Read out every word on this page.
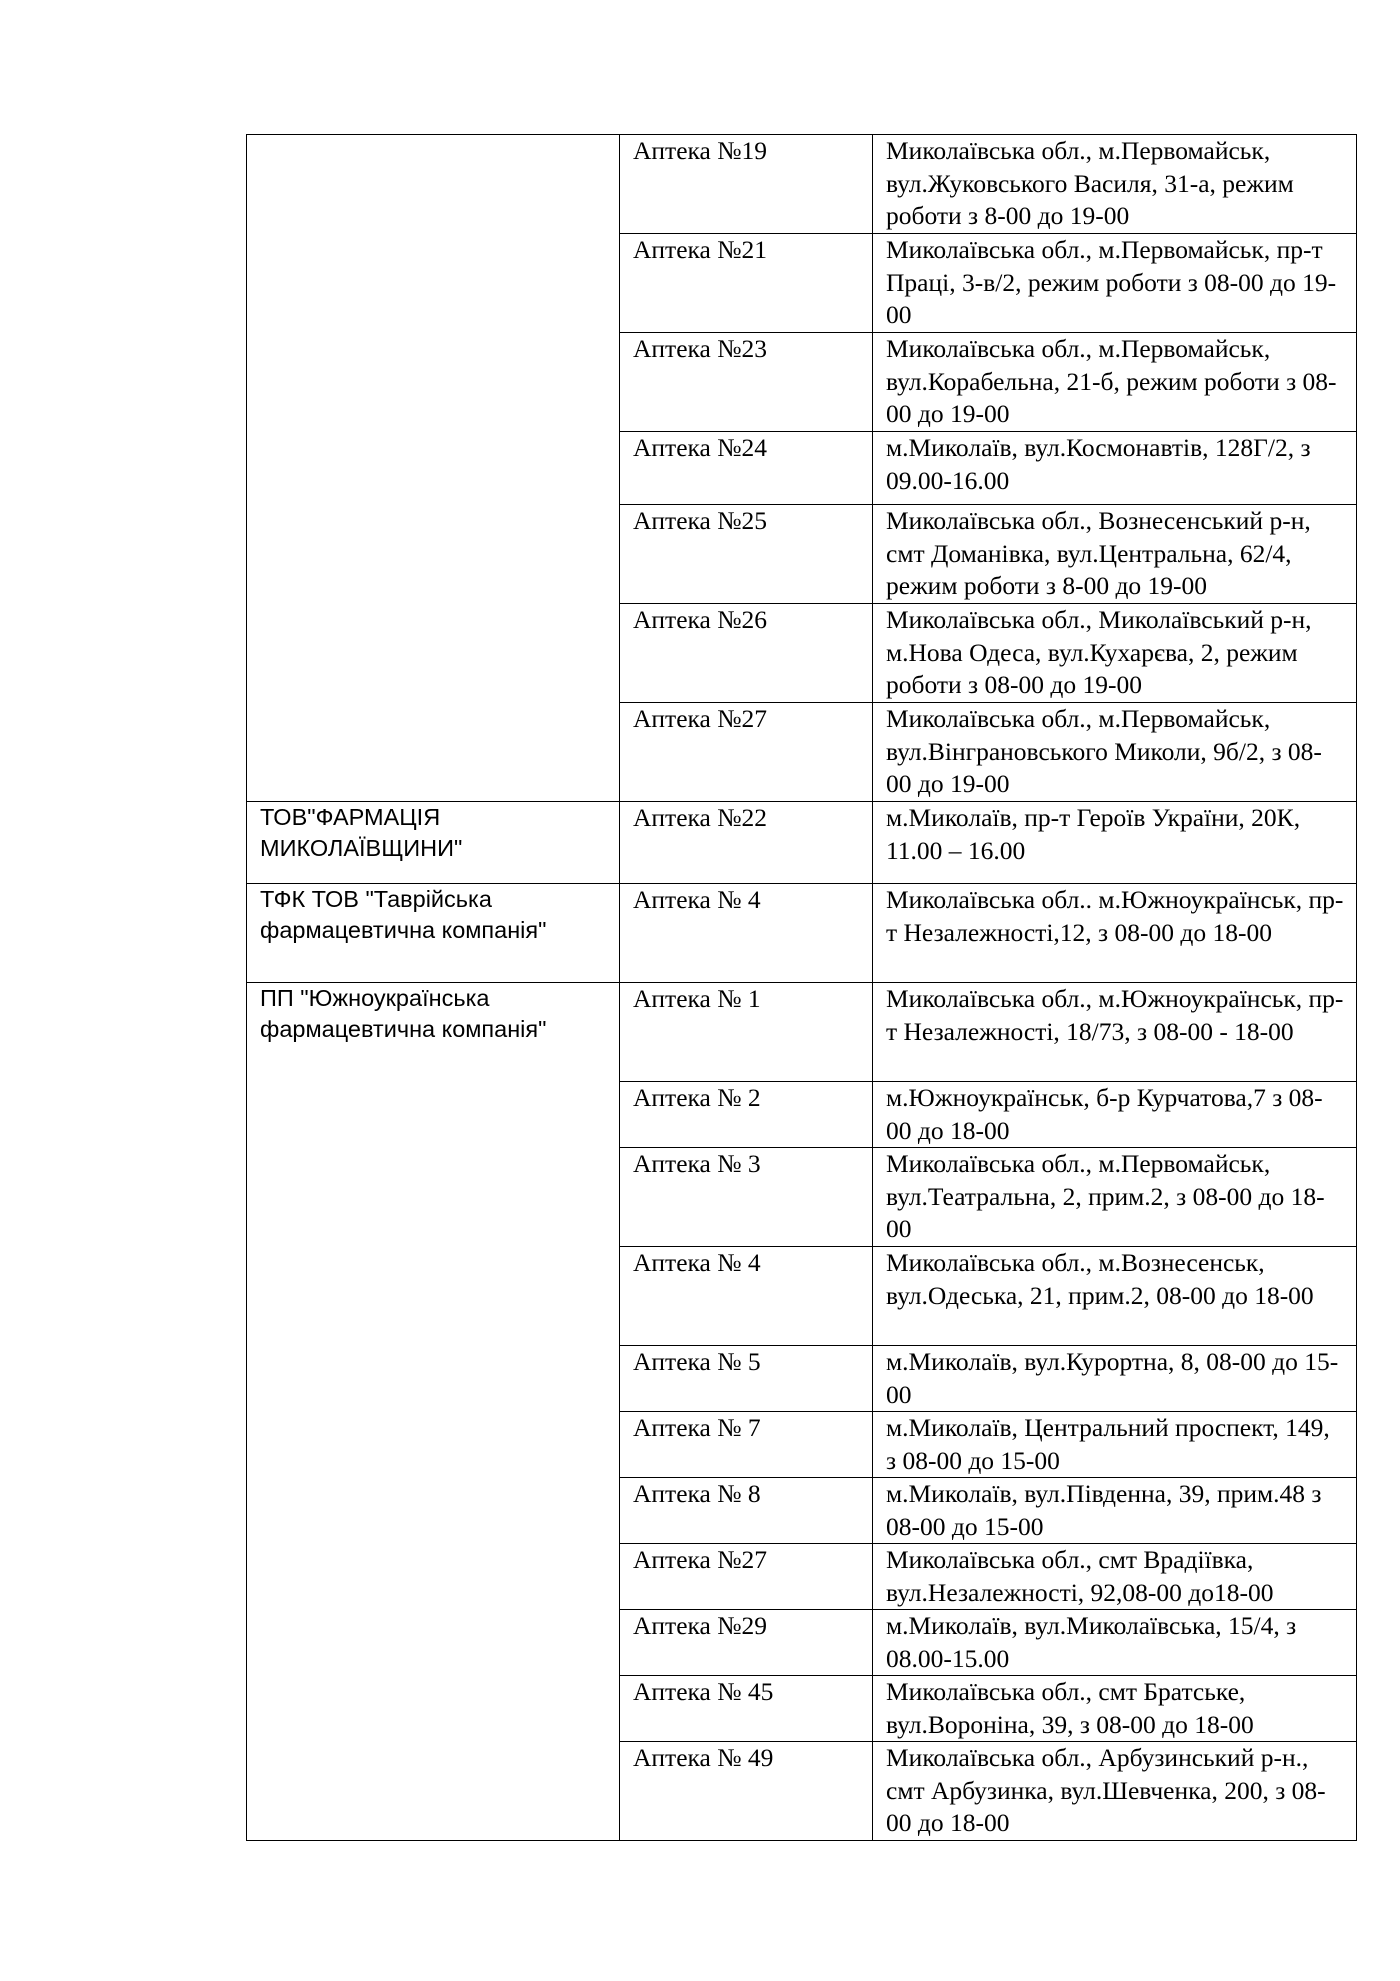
	Аптека №19	Миколаївська обл., м.Первомайськ, вул.Жуковського Василя, 31-а, режим роботи з 8-00 до 19-00
	Аптека №21	Миколаївська обл., м.Первомайськ, пр-т Праці, 3-в/2, режим роботи з 08-00 до 19-00
	Аптека №23	Миколаївська обл., м.Первомайськ, вул.Корабельна, 21-б, режим роботи з 08-00 до 19-00
	Аптека №24	м.Миколаїв, вул.Космонавтів, 128Г/2, з 09.00-16.00
	Аптека №25	Миколаївська обл., Вознесенський р-н, смт Доманівка, вул.Центральна, 62/4, режим роботи з 8-00 до 19-00
	Аптека №26	Миколаївська обл., Миколаївський р-н, м.Нова Одеса, вул.Кухарєва, 2, режим роботи з 08-00 до 19-00
	Аптека №27	Миколаївська обл., м.Первомайськ, вул.Вінграновського Миколи, 9б/2, з 08-00 до 19-00
ТОВ"ФАРМАЦІЯ МИКОЛАЇВЩИНИ"	Аптека №22	м.Миколаїв, пр-т Героїв України, 20К, 11.00 – 16.00
ТФК ТОВ "Таврійська фармацевтична компанія"	Аптека № 4	Миколаївська обл.. м.Южноукраїнськ, пр-т Незалежності,12, з 08-00 до 18-00
ПП "Южноукраїнська фармацевтична компанія"	Аптека № 1	Миколаївська обл., м.Южноукраїнськ, пр-т Незалежності, 18/73, з 08-00 - 18-00
	Аптека № 2	м.Южноукраїнськ, б-р Курчатова,7 з 08-00 до 18-00
	Аптека № 3	Миколаївська обл., м.Первомайськ, вул.Театральна, 2, прим.2, з 08-00 до 18-00
	Аптека № 4	Миколаївська обл., м.Вознесенськ, вул.Одеська, 21, прим.2, 08-00 до 18-00
	Аптека № 5	м.Миколаїв, вул.Курортна, 8, 08-00 до 15-00
	Аптека № 7	м.Миколаїв, Центральний проспект, 149, з 08-00 до 15-00
	Аптека № 8	м.Миколаїв, вул.Південна, 39, прим.48 з 08-00 до 15-00
	Аптека №27	Миколаївська обл., смт Врадіївка, вул.Незалежності, 92,08-00 до18-00
	Аптека №29	м.Миколаїв, вул.Миколаївська, 15/4, з 08.00-15.00
	Аптека № 45	Миколаївська обл., смт Братське, вул.Вороніна, 39, з 08-00 до 18-00
	Аптека № 49	Миколаївська обл., Арбузинський р-н., смт Арбузинка, вул.Шевченка, 200, з 08-00 до 18-00
